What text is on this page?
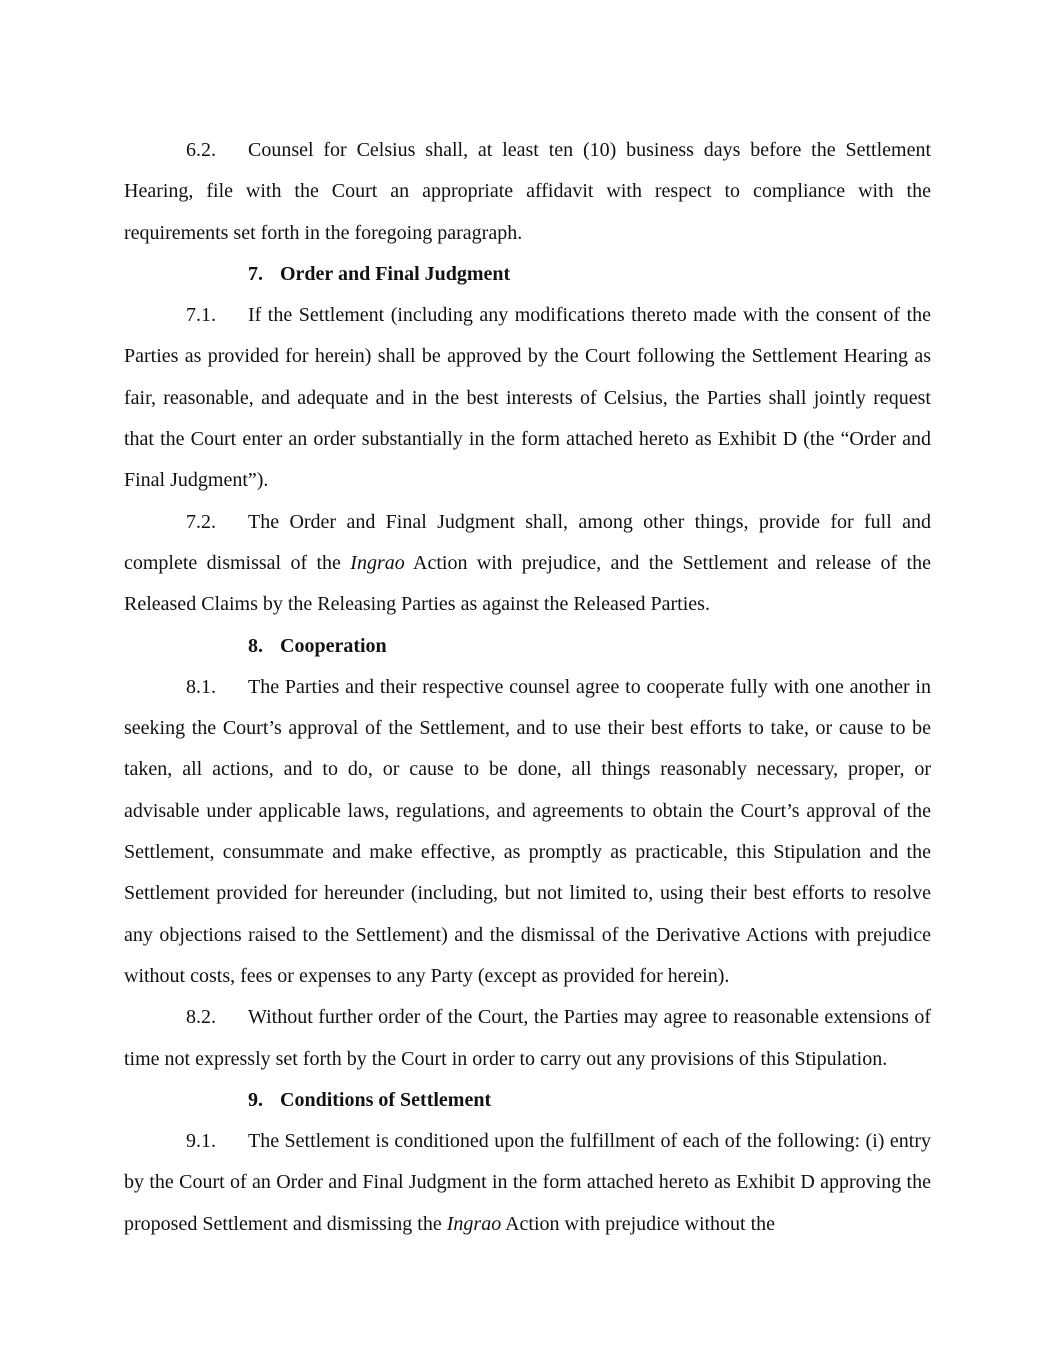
6.2. Counsel for Celsius shall, at least ten (10) business days before the Settlement Hearing, file with the Court an appropriate affidavit with respect to compliance with the requirements set forth in the foregoing paragraph.

7. Order and Final Judgment

7.1. If the Settlement (including any modifications thereto made with the consent of the Parties as provided for herein) shall be approved by the Court following the Settlement Hearing as fair, reasonable, and adequate and in the best interests of Celsius, the Parties shall jointly request that the Court enter an order substantially in the form attached hereto as Exhibit D (the “Order and Final Judgment”).

7.2. The Order and Final Judgment shall, among other things, provide for full and complete dismissal of the Ingrao Action with prejudice, and the Settlement and release of the Released Claims by the Releasing Parties as against the Released Parties.

8. Cooperation

8.1. The Parties and their respective counsel agree to cooperate fully with one another in seeking the Court’s approval of the Settlement, and to use their best efforts to take, or cause to be taken, all actions, and to do, or cause to be done, all things reasonably necessary, proper, or advisable under applicable laws, regulations, and agreements to obtain the Court’s approval of the Settlement, consummate and make effective, as promptly as practicable, this Stipulation and the Settlement provided for hereunder (including, but not limited to, using their best efforts to resolve any objections raised to the Settlement) and the dismissal of the Derivative Actions with prejudice without costs, fees or expenses to any Party (except as provided for herein).

8.2. Without further order of the Court, the Parties may agree to reasonable extensions of time not expressly set forth by the Court in order to carry out any provisions of this Stipulation.

9. Conditions of Settlement

9.1. The Settlement is conditioned upon the fulfillment of each of the following: (i) entry by the Court of an Order and Final Judgment in the form attached hereto as Exhibit D approving the proposed Settlement and dismissing the Ingrao Action with prejudice without the
